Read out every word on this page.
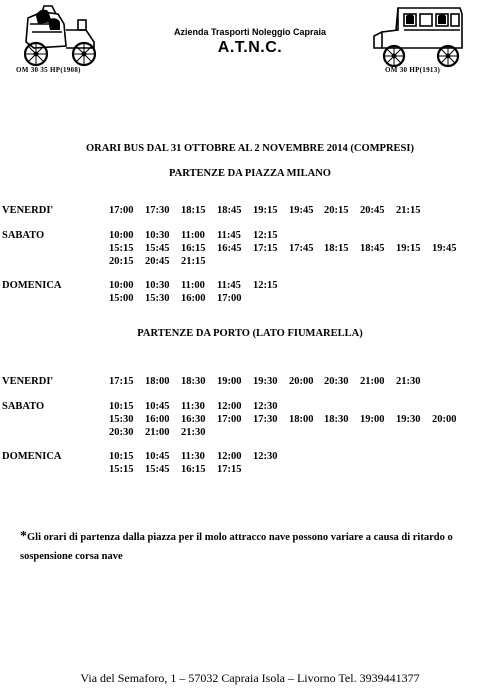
OM 30 35 HP(1908)
Azienda Trasporti Noleggio Capraia
A.T.N.C.
OM 30 HP(1913)
ORARI BUS DAL 31 OTTOBRE AL 2 NOVEMBRE 2014 (COMPRESI)
PARTENZE DA PIAZZA MILANO
VENERDI'	17:00 17:30 18:15 18:45 19:15 19:45 20:15 20:45 21:15
SABATO	10:00 10:30 11:00 11:45 12:15
15:15 15:45 16:15 16:45 17:15 17:45 18:15 18:45 19:15 19:45
20:15 20:45 21:15
DOMENICA	10:00 10:30 11:00 11:45 12:15
15:00 15:30 16:00 17:00
PARTENZE DA PORTO (LATO FIUMARELLA)
VENERDI'	17:15 18:00 18:30 19:00 19:30 20:00 20:30 21:00 21:30
SABATO	10:15 10:45 11:30 12:00 12:30
15:30 16:00 16:30 17:00 17:30 18:00 18:30 19:00 19:30 20:00
20:30 21:00 21:30
DOMENICA	10:15 10:45 11:30 12:00 12:30
15:15 15:45 16:15 17:15
*Gli orari di partenza dalla piazza per il molo attracco nave possono variare a causa di ritardo o sospensione corsa nave
Via del Semaforo, 1 – 57032 Capraia Isola – Livorno Tel. 3939441377
